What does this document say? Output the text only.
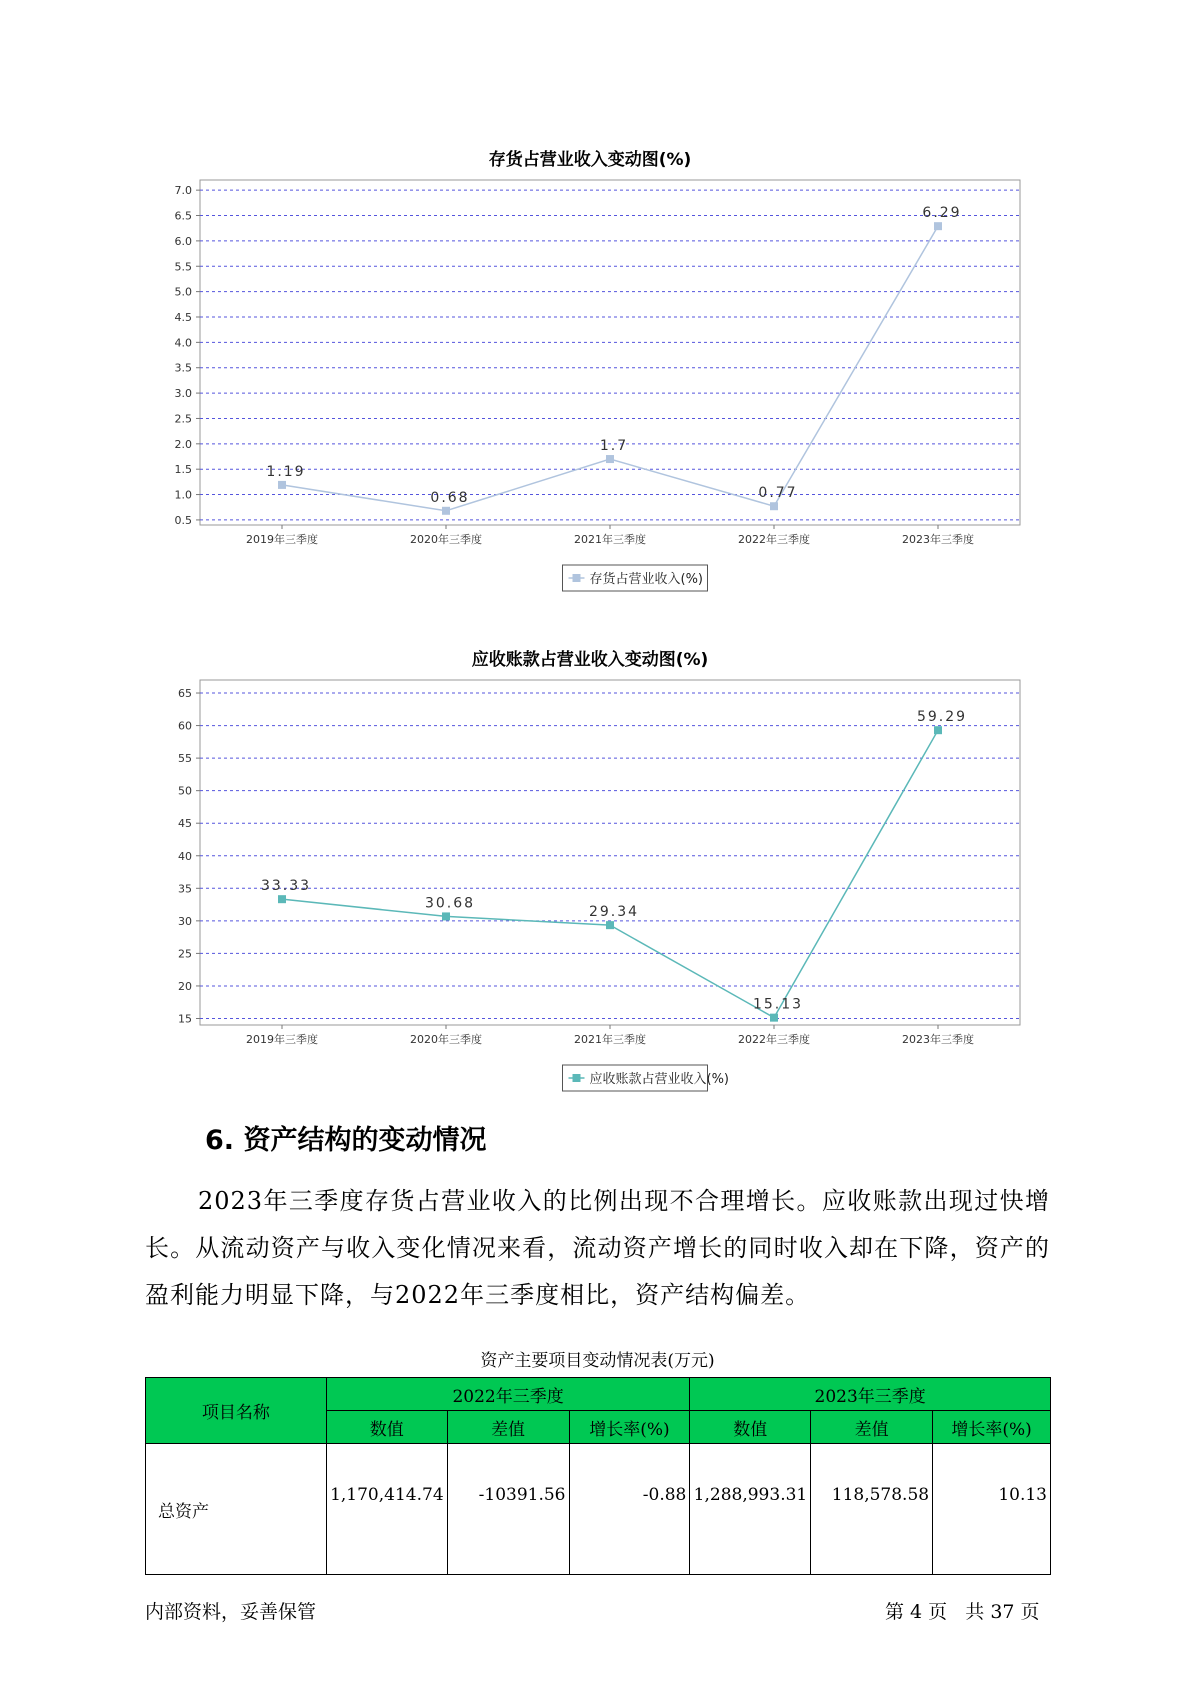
存货占营业收入变动图(%)
0.5
1.0
1.5
2.0
2.5
3.0
3.5
4.0
4.5
5.0
5.5
6.0
6.5
7.0
2019年三季度	2020年三季度	2021年三季度	2022年三季度	2023年三季度
1.19
0.68
1.7
0.77
6.29
存货占营业收入(%)
应收账款占营业收入变动图(%)
15
20
25
30
35
40
45
50
55
60
65
2019年三季度	2020年三季度	2021年三季度	2022年三季度	2023年三季度
33.33
30.68
29.34
15.13
59.29
应收账款占营业收入(%)
6. 资产结构的变动情况
2023年三季度存货占营业收入的比例出现不合理增长。应收账款出现过快增长。从流动资产与收入变化情况来看，流动资产增长的同时收入却在下降，资产的盈利能力明显下降，与2022年三季度相比，资产结构偏差。
资产主要项目变动情况表(万元)
项目名称	2022年三季度			2023年三季度		
	数值	差值	增长率(%)	数值	差值	增长率(%)
总资产	1,170,414.74	-10391.56	-0.88	1,288,993.31	118,578.58	10.13
内部资料，妥善保管	第 4 页   共 37 页
